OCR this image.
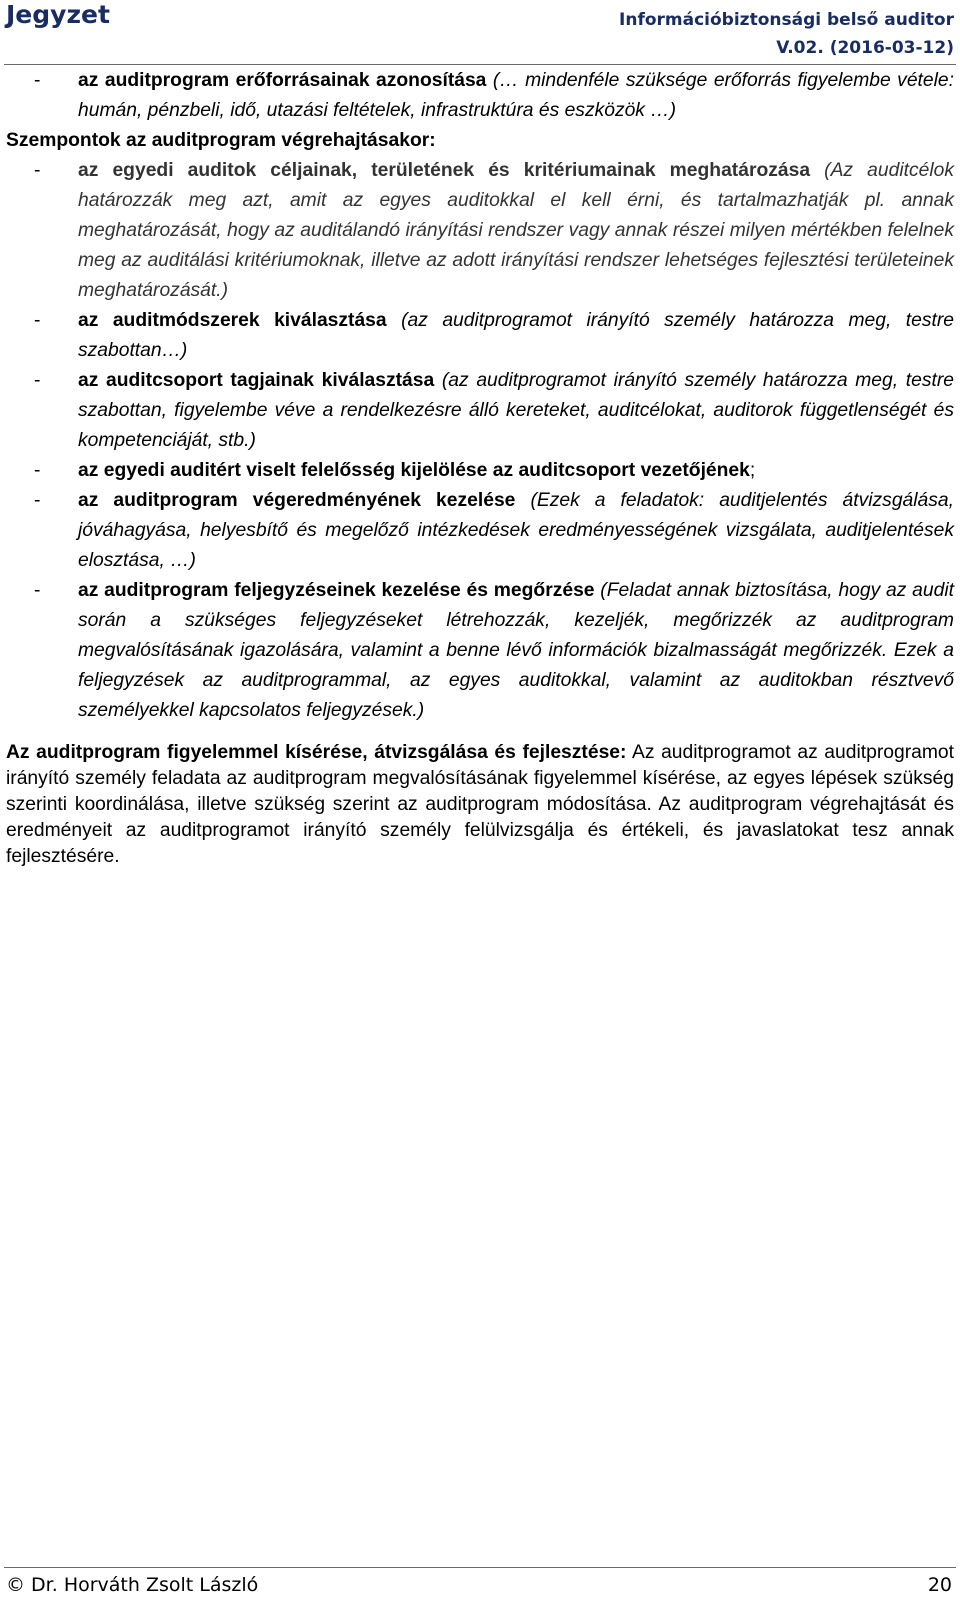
Jegyzet	Információbiztonsági belső auditor
V.02. (2016-03-12)
-	az auditprogram erőforrásainak azonosítása (… mindenféle szüksége erőforrás figyelembe vétele: humán, pénzbeli, idő, utazási feltételek, infrastruktúra és eszközök …)
Szempontok az auditprogram végrehajtásakor:
-	az egyedi auditok céljainak, területének és kritériumainak meghatározása (Az auditcélok határozzák meg azt, amit az egyes auditokkal el kell érni, és tartalmazhatják pl. annak meghatározását, hogy az auditálandó irányítási rendszer vagy annak részei milyen mértékben felelnek meg az auditálási kritériumoknak, illetve az adott irányítási rendszer lehetséges fejlesztési területeinek meghatározását.)
-	az auditmódszerek kiválasztása (az auditprogramot irányító személy határozza meg, testre szabottan…)
-	az auditcsoport tagjainak kiválasztása (az auditprogramot irányító személy határozza meg, testre szabottan, figyelembe véve a rendelkezésre álló kereteket, auditcélokat, auditorok függetlenségét és kompetenciáját, stb.)
-	az egyedi auditért viselt felelősség kijelölése az auditcsoport vezetőjének;
-	az auditprogram végeredményének kezelése (Ezek a feladatok: auditjelentés átvizsgálása, jóváhagyása, helyesbítő és megelőző intézkedések eredményességének vizsgálata, auditjelentések elosztása, …)
-	az auditprogram feljegyzéseinek kezelése és megőrzése (Feladat annak biztosítása, hogy az audit során a szükséges feljegyzéseket létrehozzák, kezeljék, megőrizzék az auditprogram megvalósításának igazolására, valamint a benne lévő információk bizalmasságát megőrizzék. Ezek a feljegyzések az auditprogrammal, az egyes auditokkal, valamint az auditokban résztvevő személyekkel kapcsolatos feljegyzések.)
Az auditprogram figyelemmel kísérése, átvizsgálása és fejlesztése: Az auditprogramot az auditprogramot irányító személy feladata az auditprogram megvalósításának figyelemmel kísérése, az egyes lépések szükség szerinti koordinálása, illetve szükség szerint az auditprogram módosítása. Az auditprogram végrehajtását és eredményeit az auditprogramot irányító személy felülvizsgálja és értékeli, és javaslatokat tesz annak fejlesztésére.
© Dr. Horváth Zsolt László	20
